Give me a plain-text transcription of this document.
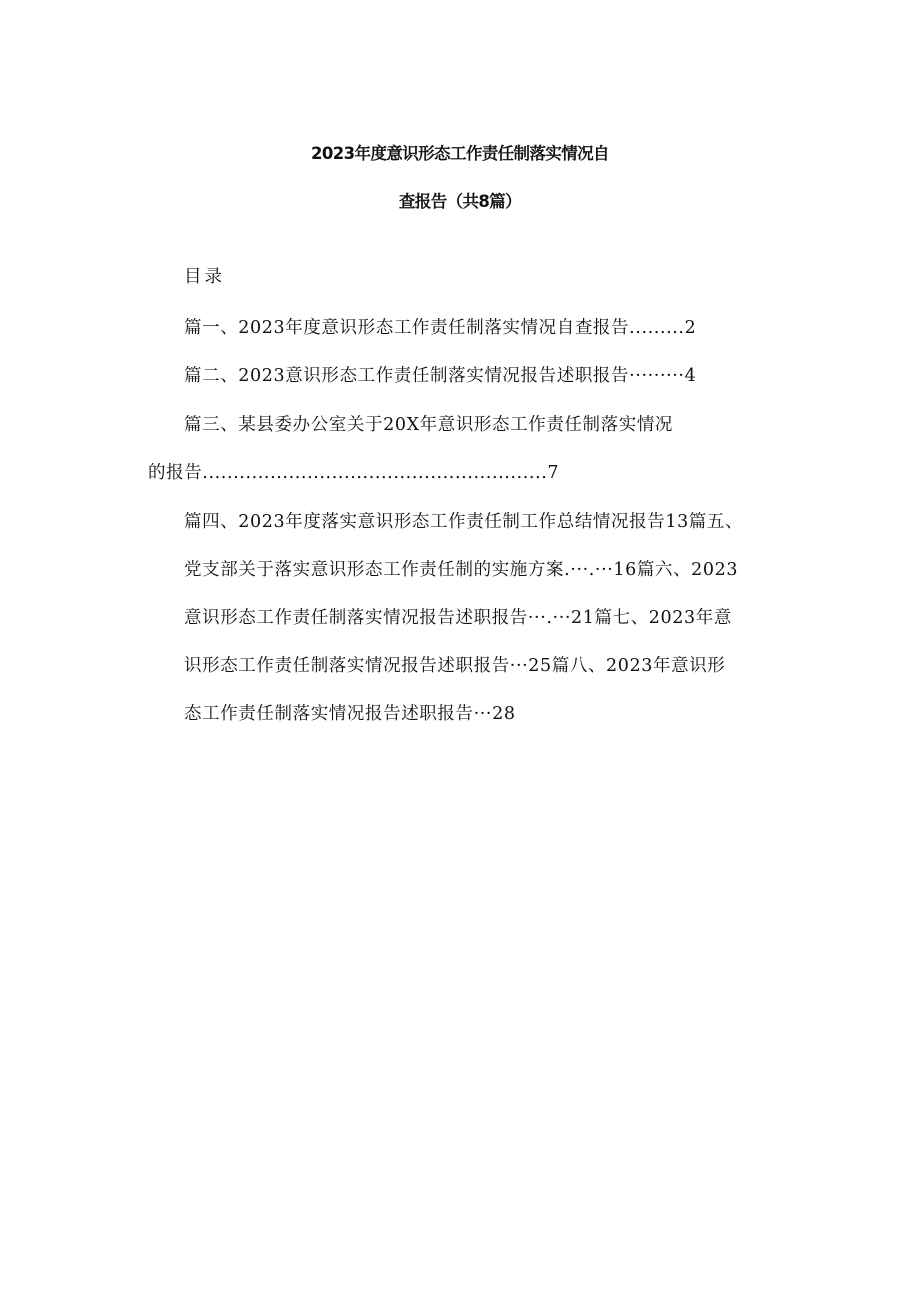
2023年度意识形态工作责任制落实情况自
查报告（共8篇）
目录
篇一、2023年度意识形态工作责任制落实情况自查报告.........2
篇二、2023意识形态工作责任制落实情况报告述职报告·········4
篇三、某县委办公室关于20X年意识形态工作责任制落实情况
的报告........................................................7
篇四、2023年度落实意识形态工作责任制工作总结情况报告13篇五、
党支部关于落实意识形态工作责任制的实施方案.···.···16篇六、2023
意识形态工作责任制落实情况报告述职报告···.···21篇七、2023年意
识形态工作责任制落实情况报告述职报告···25篇八、2023年意识形
态工作责任制落实情况报告述职报告···28
